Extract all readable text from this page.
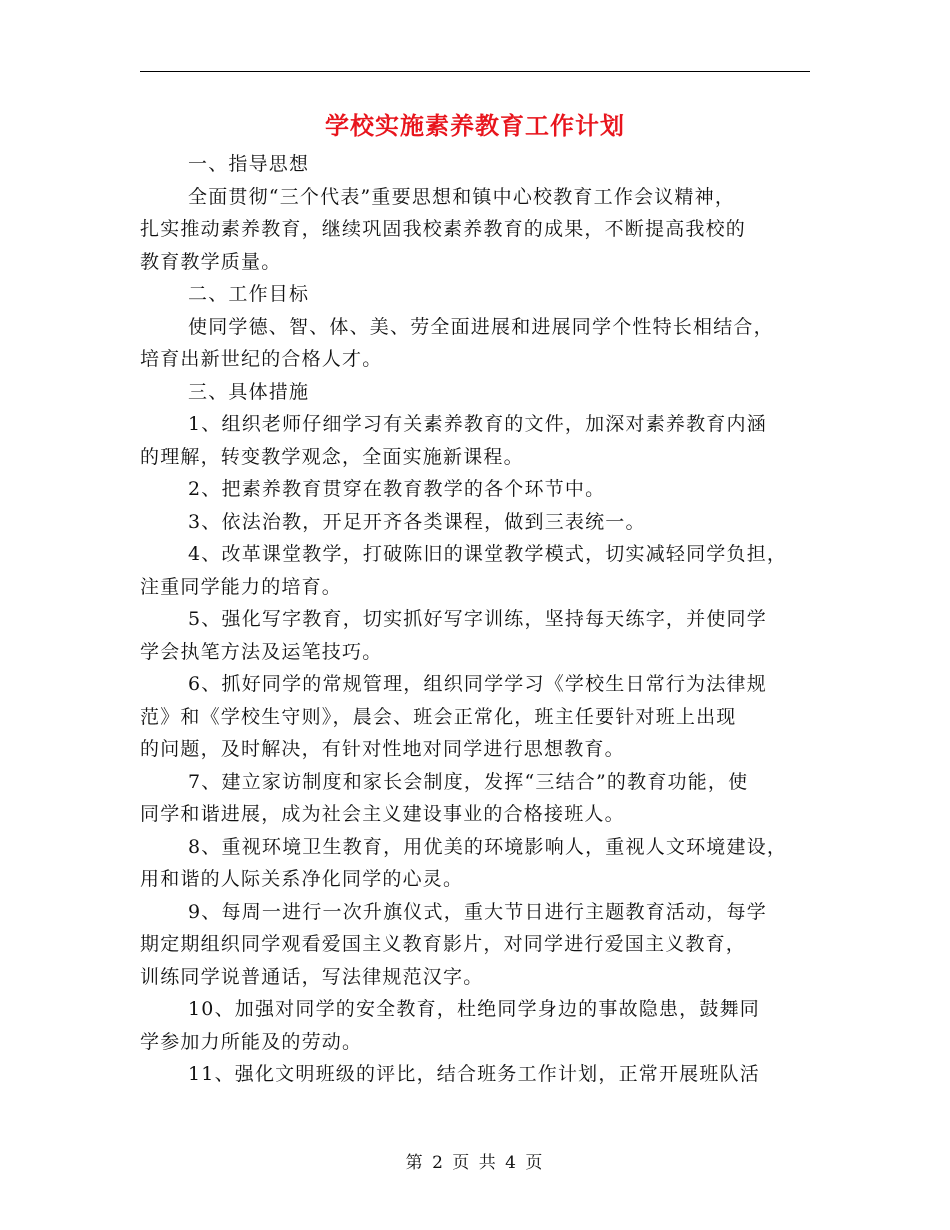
学校实施素养教育工作计划
一、指导思想
全面贯彻“三个代表”重要思想和镇中心校教育工作会议精神，
扎实推动素养教育，继续巩固我校素养教育的成果，不断提高我校的
教育教学质量。
二、工作目标
使同学德、智、体、美、劳全面进展和进展同学个性特长相结合，
培育出新世纪的合格人才。
三、具体措施
1、组织老师仔细学习有关素养教育的文件，加深对素养教育内涵
的理解，转变教学观念，全面实施新课程。
2、把素养教育贯穿在教育教学的各个环节中。
3、依法治教，开足开齐各类课程，做到三表统一。
4、改革课堂教学，打破陈旧的课堂教学模式，切实减轻同学负担，
注重同学能力的培育。
5、强化写字教育，切实抓好写字训练，坚持每天练字，并使同学
学会执笔方法及运笔技巧。
6、抓好同学的常规管理，组织同学学习《学校生日常行为法律规
范》和《学校生守则》，晨会、班会正常化，班主任要针对班上出现
的问题，及时解决，有针对性地对同学进行思想教育。
7、建立家访制度和家长会制度，发挥“三结合”的教育功能，使
同学和谐进展，成为社会主义建设事业的合格接班人。
8、重视环境卫生教育，用优美的环境影响人，重视人文环境建设，
用和谐的人际关系净化同学的心灵。
9、每周一进行一次升旗仪式，重大节日进行主题教育活动，每学
期定期组织同学观看爱国主义教育影片，对同学进行爱国主义教育，
训练同学说普通话，写法律规范汉字。
10、加强对同学的安全教育，杜绝同学身边的事故隐患，鼓舞同
学参加力所能及的劳动。
11、强化文明班级的评比，结合班务工作计划，正常开展班队活
第 2 页 共 4 页
